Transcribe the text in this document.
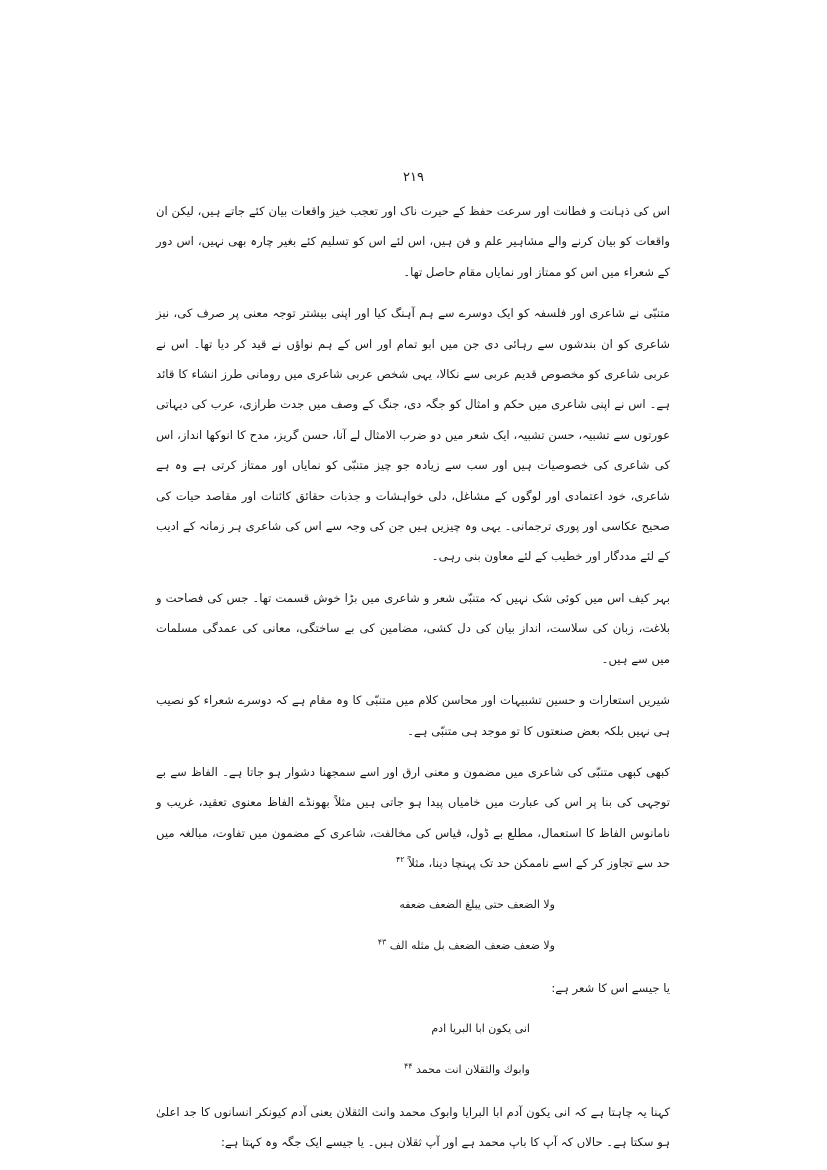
۲۱۹

اس کی ذہانت و فطانت اور سرعت حفظ کے حیرت ناک اور تعجب خیز واقعات بیان کئے جاتے ہیں، لیکن ان واقعات کو بیان کرنے والے مشاہیر علم و فن ہیں، اس لئے اس کو تسلیم کئے بغیر چارہ بھی نہیں، اس دور کے شعراء میں اس کو ممتاز اور نمایاں مقام حاصل تھا۔

متنبّی نے شاعری اور فلسفہ کو ایک دوسرے سے ہم آہنگ کیا اور اپنی بیشتر توجہ معنی پر صرف کی، نیز شاعری کو ان بندشوں سے رہائی دی جن میں ابو تمام اور اس کے ہم نواؤں نے قید کر دیا تھا۔ اس نے عربی شاعری کو مخصوص قدیم عربی سے نکالا، یہی شخص عربی شاعری میں رومانی طرز انشاء کا قائد ہے۔ اس نے اپنی شاعری میں حکم و امثال کو جگہ دی، جنگ کے وصف میں جدت طرازی، عرب کی دیہاتی عورتوں سے تشبیہ، حسن تشبیہ، ایک شعر میں دو ضرب الامثال لے آنا، حسن گریز، مدح کا انوکھا انداز، اس کی شاعری کی خصوصیات ہیں اور سب سے زیادہ جو چیز متنبّی کو نمایاں اور ممتاز کرتی ہے وہ ہے شاعری، خود اعتمادی اور لوگوں کے مشاغل، دلی خواہشات و جذبات حقائق کائنات اور مقاصد حیات کی صحیح عکاسی اور پوری ترجمانی۔ یہی وہ چیزیں ہیں جن کی وجہ سے اس کی شاعری ہر زمانہ کے ادیب کے لئے مددگار اور خطیب کے لئے معاون بنی رہی۔

بہر کیف اس میں کوئی شک نہیں کہ متنبّی شعر و شاعری میں بڑا خوش قسمت تھا۔ جس کی فصاحت و بلاغت، زبان کی سلاست، انداز بیان کی دل کشی، مضامین کی بے ساختگی، معانی کی عمدگی مسلمات میں سے ہیں۔

شیریں استعارات و حسین تشبیہات اور محاسن کلام میں متنبّی کا وہ مقام ہے کہ دوسرے شعراء کو نصیب ہی نہیں بلکہ بعض صنعتوں کا تو موجد ہی متنبّی ہے۔

کبھی کبھی متنبّی کی شاعری میں مضمون و معنی ارق اور اسے سمجھنا دشوار ہو جاتا ہے۔ الفاظ سے بے توجہی کی بنا پر اس کی عبارت میں خامیاں پیدا ہو جاتی ہیں مثلاً بھونڈے الفاظ معنوی تعقید، غریب و نامانوس الفاظ کا استعمال، مطلع بے ڈول، قیاس کی مخالفت، شاعری کے مضمون میں تفاوت، مبالغہ میں حد سے تجاوز کر کے اسے ناممکن حد تک پہنچا دینا، مثلاً $^{۴۲}$

ولا الضعف حتى يبلغ الضعف ضعفه

ولا ضعف ضعف الضعف بل مثله الف $^{۴۳}$

یا جیسے اس کا شعر ہے:

انى يكون ابا البريا ادم

وابوك والثقلان انت محمد $^{۴۴}$

کہنا یہ چاہتا ہے کہ انی یکون آدم ابا البرایا وابوک محمد وانت الثقلان یعنی آدم کیونکر انسانوں کا جد اعلیٰ ہو سکتا ہے۔ حالاں کہ آپ کا باپ محمد ہے اور آپ ثقلان ہیں۔ یا جیسے ایک جگہ وہ کہتا ہے:
